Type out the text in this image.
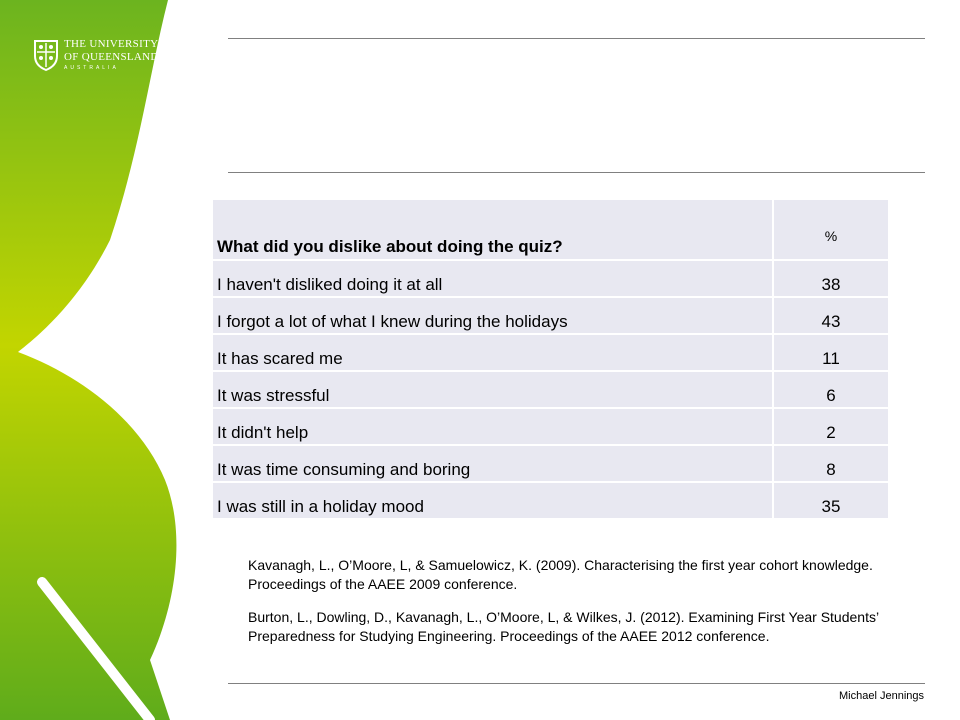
THE UNIVERSITY
OF QUEENSLAND
AUSTRALIA
What did you dislike about doing the quiz?	%
I haven't disliked doing it at all	38
I forgot a lot of what I knew during the holidays	43
It has scared me	11
It was stressful	6
It didn't help	2
It was time consuming and boring	8
I was still in a holiday mood	35

Kavanagh, L., O’Moore, L, & Samuelowicz, K. (2009). Characterising the first year cohort knowledge. Proceedings of the AAEE 2009 conference.

Burton, L., Dowling, D., Kavanagh, L., O’Moore, L, & Wilkes, J. (2012). Examining First Year Students’ Preparedness for Studying Engineering. Proceedings of the AAEE 2012 conference.

Michael Jennings
